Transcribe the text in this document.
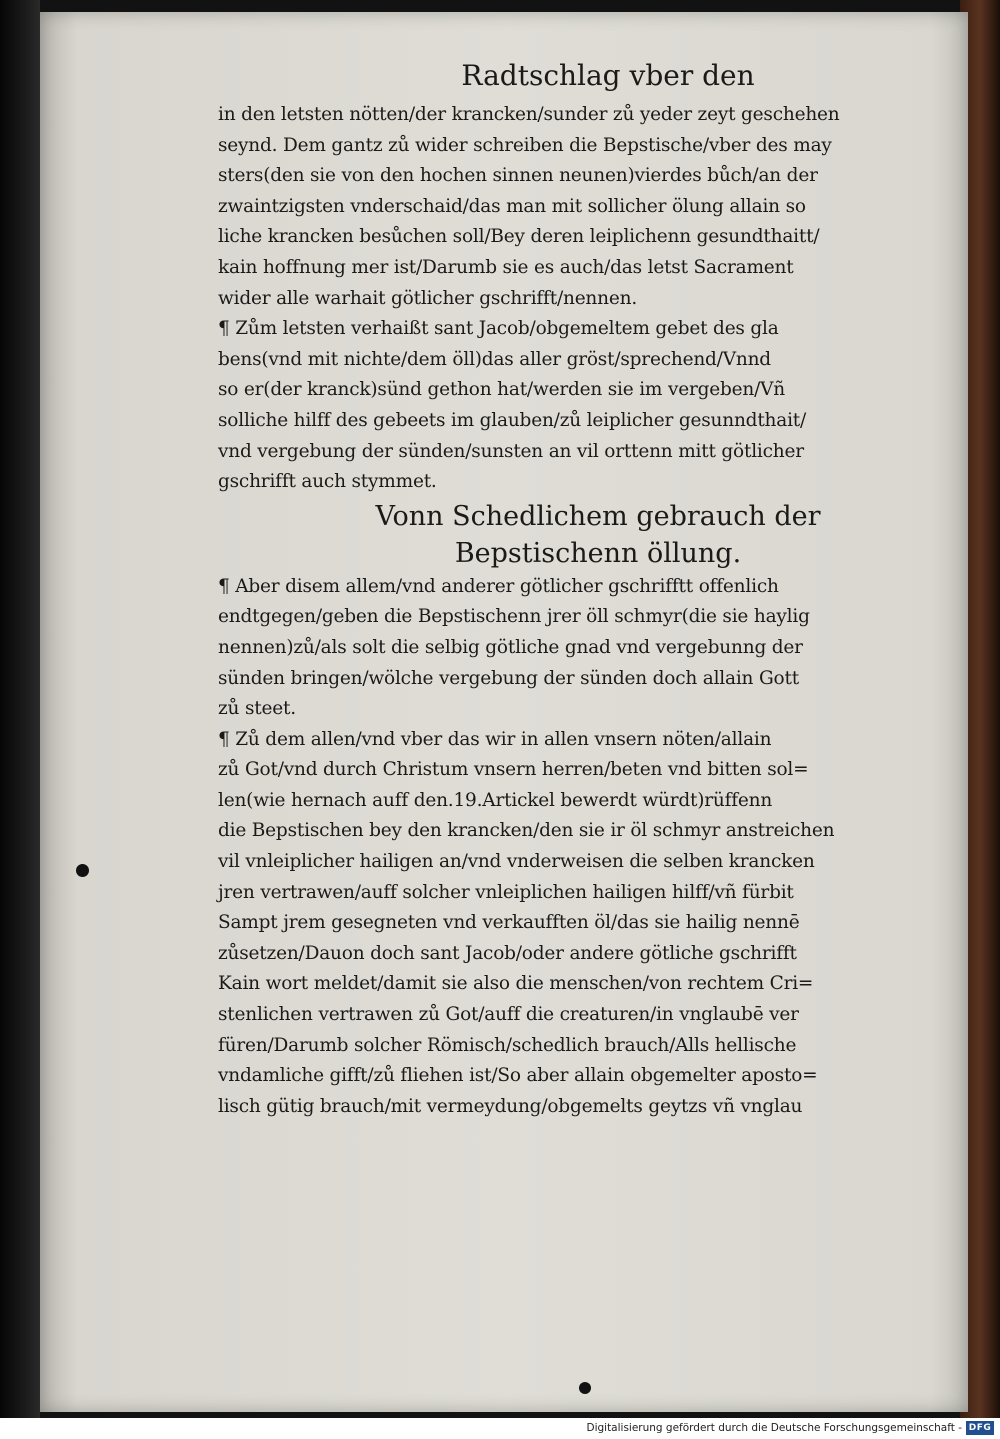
Radtschlag vber den
in den letsten nötten/der krancken/sunder zů yeder zeyt geschehen
seynd. Dem gantz zů wider schreiben die Bepstische/vber des may
sters(den sie von den hochen sinnen neunen)vierdes bůch/an der
zwaintzigsten vnderschaid/das man mit sollicher ölung allain so
liche krancken besůchen soll/Bey deren leiplichenn gesundthaitt/
kain hoffnung mer ist/Darumb sie es auch/das letst Sacrament
wider alle warhait götlicher gschrifft/nennen.
¶ Zům letsten verhaißt sant Jacob/obgemeltem gebet des gla
bens(vnd mit nichte/dem öll)das aller gröst/sprechend/Vnnd
so er(der kranck)sünd gethon hat/werden sie im vergeben/Vñ
solliche hilff des gebeets im glauben/zů leiplicher gesunndthait/
vnd vergebung der sünden/sunsten an vil orttenn mitt götlicher
gschrifft auch stymmet.
Vonn Schedlichem gebrauch der
Bepstischenn öllung.
¶ Aber disem allem/vnd anderer götlicher gschrifftt offenlich
endtgegen/geben die Bepstischenn jrer öll schmyr(die sie haylig
nennen)zů/als solt die selbig götliche gnad vnd vergebunng der
sünden bringen/wölche vergebung der sünden doch allain Gott
zů steet.
¶ Zů dem allen/vnd vber das wir in allen vnsern nöten/allain
zů Got/vnd durch Christum vnsern herren/beten vnd bitten sol=
len(wie hernach auff den.19.Artickel bewerdt würdt)rüffenn
die Bepstischen bey den krancken/den sie ir öl schmyr anstreichen
vil vnleiplicher hailigen an/vnd vnderweisen die selben krancken
jren vertrawen/auff solcher vnleiplichen hailigen hilff/vñ fürbit
Sampt jrem gesegneten vnd verkaufften öl/das sie hailig nennē
zůsetzen/Dauon doch sant Jacob/oder andere götliche gschrifft
Kain wort meldet/damit sie also die menschen/von rechtem Cri=
stenlichen vertrawen zů Got/auff die creaturen/in vnglaubē ver
füren/Darumb solcher Römisch/schedlich brauch/Alls hellische
vndamliche gifft/zů fliehen ist/So aber allain obgemelter aposto=
lisch gütig brauch/mit vermeydung/obgemelts geytzs vñ vnglau
Digitalisierung gefördert durch die Deutsche Forschungsgemeinschaft - DFG
